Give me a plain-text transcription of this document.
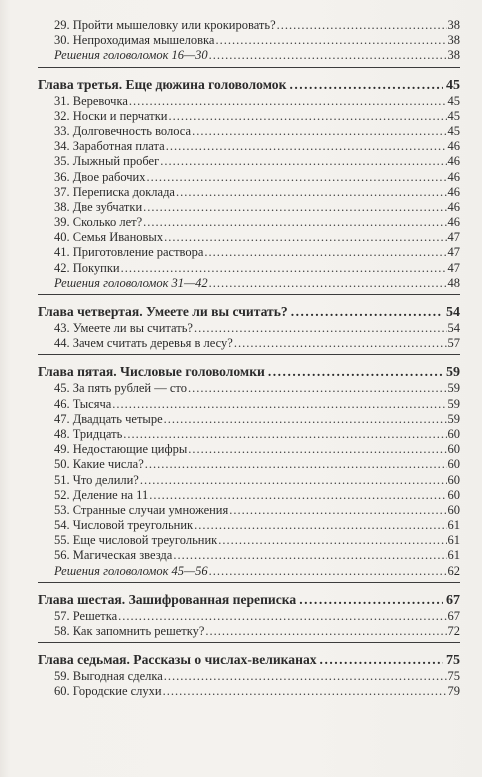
29. Пройти мышеловку или крокировать? .....	38
30. Непроходимая мышеловка .....	38
Решения головоломок 16—30 .....	38
Глава третья. Еще дюжина головоломок .....	45
31. Веревочка .....	45
32. Носки и перчатки .....	45
33. Долговечность волоса .....	45
34. Заработная плата .....	46
35. Лыжный пробег .....	46
36. Двое рабочих .....	46
37. Переписка доклада .....	46
38. Две зубчатки .....	46
39. Сколько лет? .....	46
40. Семья Ивановых .....	47
41. Приготовление раствора .....	47
42. Покупки .....	47
Решения головоломок 31—42 .....	48
Глава четвертая. Умеете ли вы считать? .....	54
43. Умеете ли вы считать? .....	54
44. Зачем считать деревья в лесу? .....	57
Глава пятая. Числовые головоломки .....	59
45. За пять рублей — сто .....	59
46. Тысяча .....	59
47. Двадцать четыре .....	59
48. Тридцать .....	60
49. Недостающие цифры .....	60
50. Какие числа? .....	60
51. Что делили? .....	60
52. Деление на 11 .....	60
53. Странные случаи умножения .....	60
54. Числовой треугольник .....	61
55. Еще числовой треугольник .....	61
56. Магическая звезда .....	61
Решения головоломок 45—56 .....	62
Глава шестая. Зашифрованная переписка .....	67
57. Решетка .....	67
58. Как запомнить решетку? .....	72
Глава седьмая. Рассказы о числах-великанах .....	75
59. Выгодная сделка .....	75
60. Городские слухи .....	79
